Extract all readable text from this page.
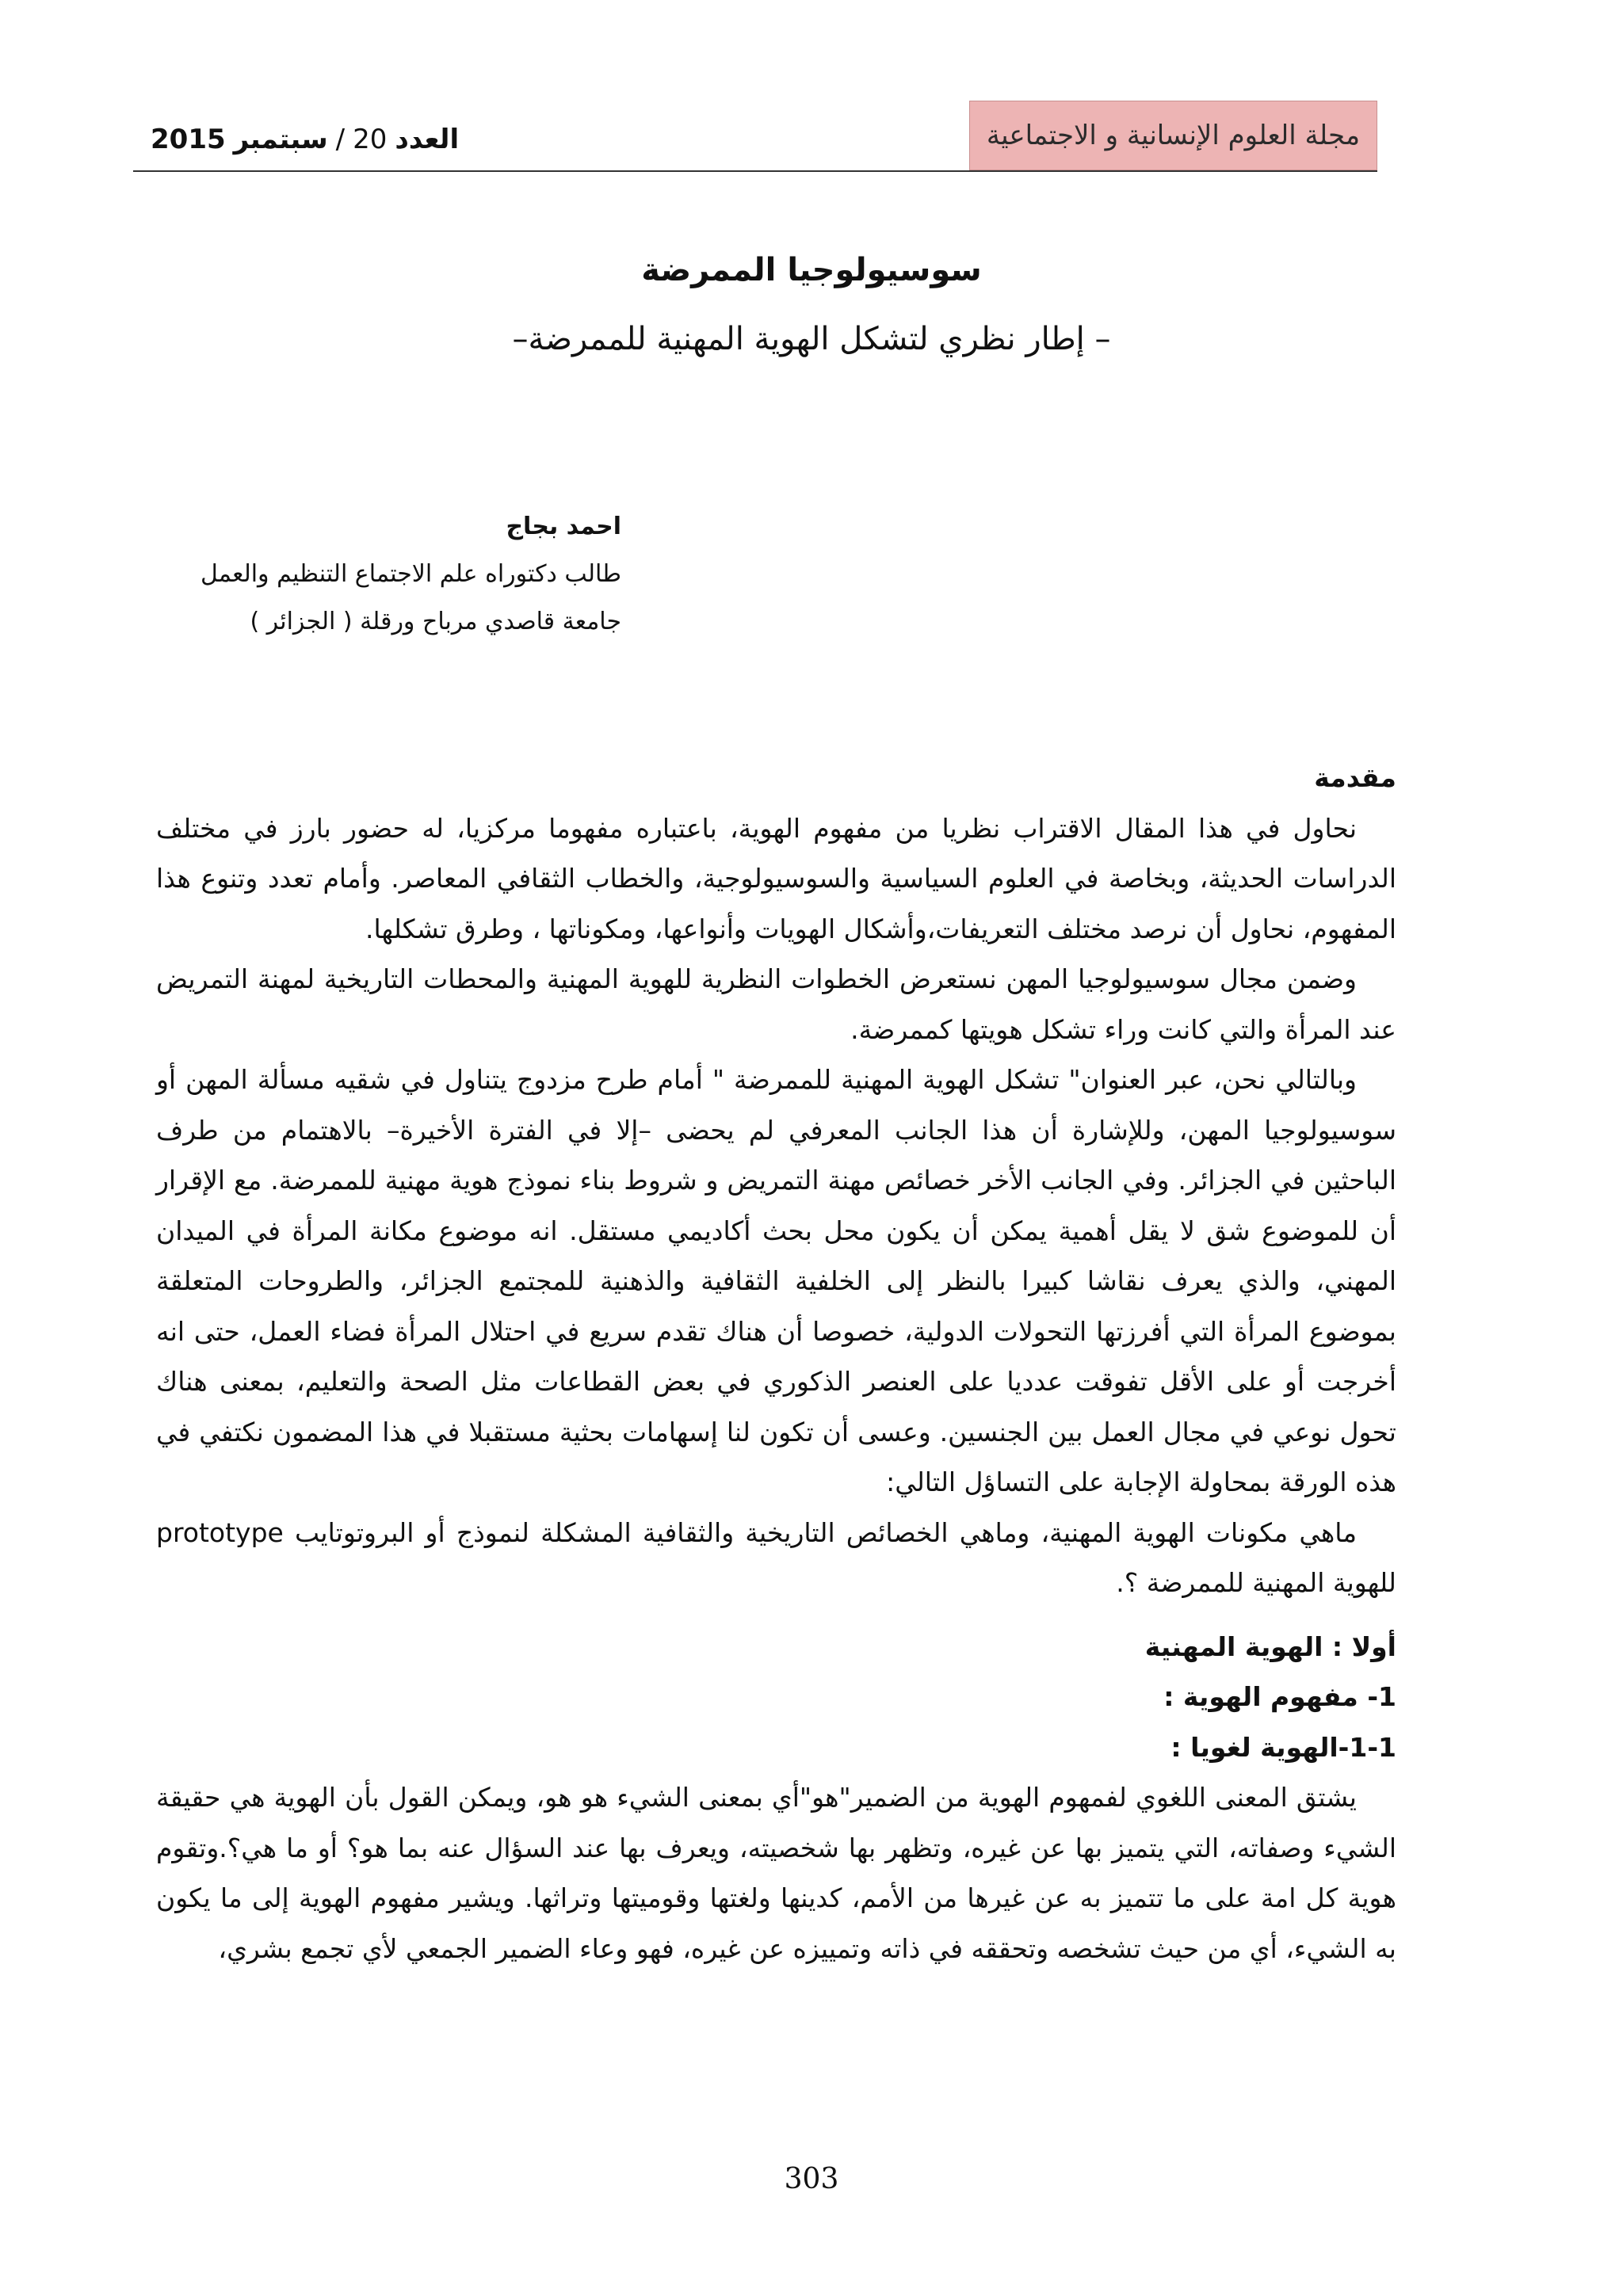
مجلة العلوم الإنسانية و الاجتماعية
العدد
20
/
سبتمبر
2015
سوسيولوجيا الممرضة
– إطار نظري لتشكل الهوية المهنية للممرضة–
احمد بجاج
طالب دكتوراه علم الاجتماع التنظيم والعمل
جامعة قاصدي مرباح ورقلة ( الجزائر )
مقدمة

نحاول في هذا المقال الاقتراب نظريا من مفهوم الهوية، باعتباره مفهوما مركزيا، له حضور بارز في مختلف الدراسات الحديثة، وبخاصة في العلوم السياسية والسوسيولوجية، والخطاب الثقافي المعاصر. وأمام تعدد وتنوع هذا المفهوم، نحاول أن نرصد مختلف التعريفات،وأشكال الهويات وأنواعها، ومكوناتها ، وطرق تشكلها.

وضمن مجال سوسيولوجيا المهن نستعرض الخطوات النظرية للهوية المهنية والمحطات التاريخية لمهنة التمريض عند المرأة والتي كانت وراء تشكل هويتها كممرضة.

وبالتالي نحن، عبر العنوان" تشكل الهوية المهنية للممرضة " أمام طرح مزدوج يتناول في شقيه مسألة المهن أو سوسيولوجيا المهن، وللإشارة أن هذا الجانب المعرفي لم يحضى –إلا في الفترة الأخيرة– بالاهتمام من طرف الباحثين في الجزائر. وفي الجانب الأخر خصائص مهنة التمريض و شروط بناء نموذج هوية مهنية للممرضة. مع الإقرار أن للموضوع شق لا يقل أهمية يمكن أن يكون محل بحث أكاديمي مستقل. انه موضوع مكانة المرأة في الميدان المهني، والذي يعرف نقاشا كبيرا بالنظر إلى الخلفية الثقافية والذهنية للمجتمع الجزائر، والطروحات المتعلقة بموضوع المرأة التي أفرزتها التحولات الدولية، خصوصا أن هناك تقدم سريع في احتلال المرأة فضاء العمل، حتى انه أخرجت أو على الأقل تفوقت عدديا على العنصر الذكوري في بعض القطاعات مثل الصحة والتعليم، بمعنى هناك تحول نوعي في مجال العمل بين الجنسين. وعسى أن تكون لنا إسهامات بحثية مستقبلا في هذا المضمون نكتفي في هذه الورقة بمحاولة الإجابة على التساؤل التالي:

ماهي مكونات الهوية المهنية، وماهي الخصائص التاريخية والثقافية المشكلة لنموذج أو البروتوتايب prototype للهوية المهنية للممرضة ؟.

أولا : الهوية المهنية
1- مفهوم الهوية :
1-1-الهوية لغويا :

يشتق المعنى اللغوي لفمهوم الهوية من الضمير"هو"أي بمعنى الشيء هو هو، ويمكن القول بأن الهوية هي حقيقة الشيء وصفاته، التي يتميز بها عن غيره، وتظهر بها شخصيته، ويعرف بها عند السؤال عنه بما هو؟ أو ما هي؟.وتقوم هوية كل امة على ما تتميز به عن غيرها من الأمم، كدينها ولغتها وقوميتها وتراثها. ويشير مفهوم الهوية إلى ما يكون به الشيء، أي من حيث تشخصه وتحققه في ذاته وتمييزه عن غيره، فهو وعاء الضمير الجمعي لأي تجمع بشري،

303
